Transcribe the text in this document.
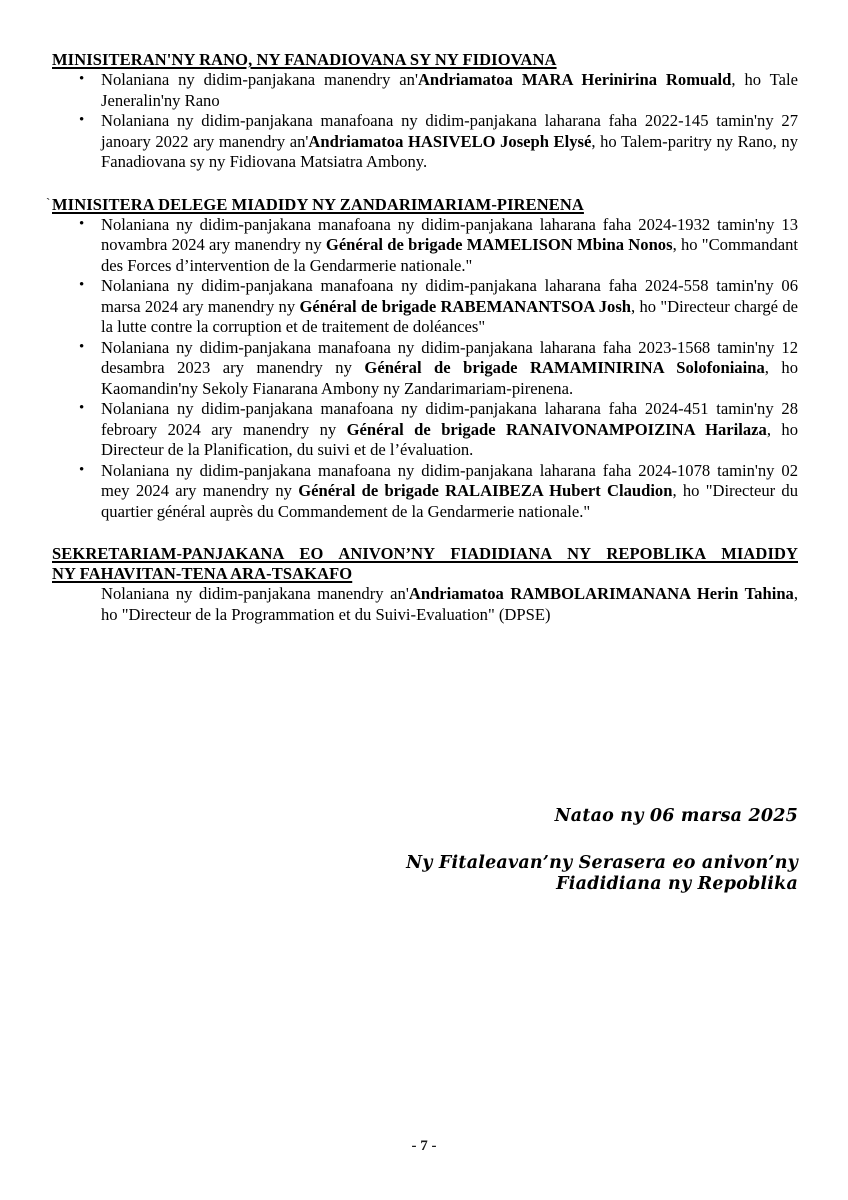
`
MINISITERAN'NY RANO, NY FANADIOVANA SY NY FIDIOVANA
• Nolaniana ny didim-panjakana manendry an'Andriamatoa MARA Herinirina Romuald, ho Tale Jeneralin'ny Rano
• Nolaniana ny didim-panjakana manafoana ny didim-panjakana laharana faha 2022-145 tamin'ny 27 janoary 2022 ary manendry an'Andriamatoa HASIVELO Joseph Elysé, ho Talem-paritry ny Rano, ny Fanadiovana sy ny Fidiovana Matsiatra Ambony.
MINISITERA DELEGE MIADIDY NY ZANDARIMARIAM-PIRENENA
• Nolaniana ny didim-panjakana manafoana ny didim-panjakana laharana faha 2024-1932 tamin'ny 13 novambra 2024 ary manendry ny Général de brigade MAMELISON Mbina Nonos, ho "Commandant des Forces d’intervention de la Gendarmerie nationale."
• Nolaniana ny didim-panjakana manafoana ny didim-panjakana laharana faha 2024-558 tamin'ny 06 marsa 2024 ary manendry ny Général de brigade RABEMANANTSOA Josh, ho "Directeur chargé de la lutte contre la corruption et de traitement de doléances"
• Nolaniana ny didim-panjakana manafoana ny didim-panjakana laharana faha 2023-1568 tamin'ny 12 desambra 2023 ary manendry ny Général de brigade RAMAMINIRINA Solofoniaina, ho Kaomandin'ny Sekoly Fianarana Ambony ny Zandarimariam-pirenena.
• Nolaniana ny didim-panjakana manafoana ny didim-panjakana laharana faha 2024-451 tamin'ny 28 febroary 2024 ary manendry ny Général de brigade RANAIVONAMPOIZINA Harilaza, ho Directeur de la Planification, du suivi et de l’évaluation.
• Nolaniana ny didim-panjakana manafoana ny didim-panjakana laharana faha 2024-1078 tamin'ny 02 mey 2024 ary manendry ny Général de brigade RALAIBEZA Hubert Claudion, ho "Directeur du quartier général auprès du Commandement de la Gendarmerie nationale."
SEKRETARIAM-PANJAKANA EO ANIVON’NY FIADIDIANA NY REPOBLIKA MIADIDY
NY FAHAVITAN-TENA ARA-TSAKAFO

Nolaniana ny didim-panjakana manendry an'Andriamatoa RAMBOLARIMANANA Herin Tahina, ho "Directeur de la Programmation et du Suivi-Evaluation" (DPSE)

Natao ny 06 marsa 2025
Ny Fitaleavan’ny Serasera eo anivon’ny
Fiadidiana ny Repoblika
- 7 -
